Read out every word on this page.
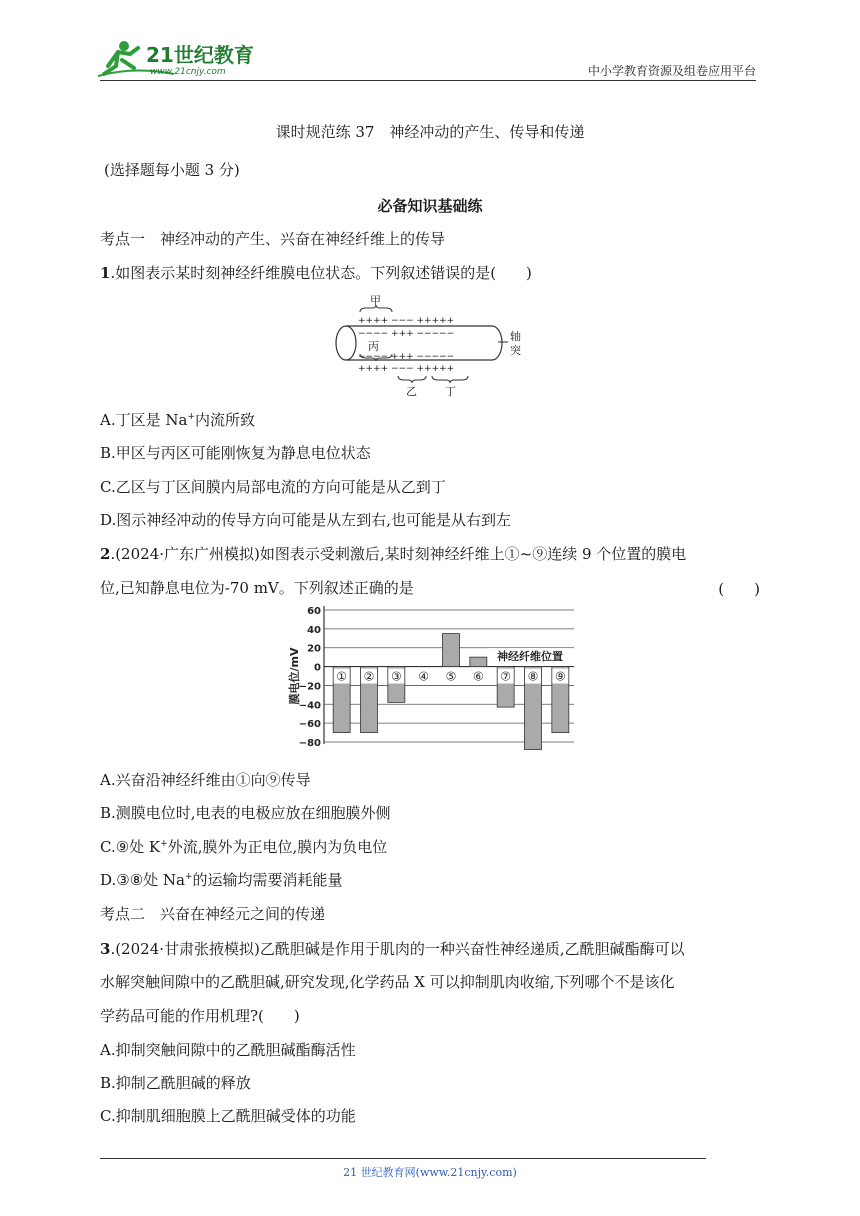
21世纪教育
www.21cnjy.com	中小学教育资源及组卷应用平台
课时规范练 37　神经冲动的产生、传导和传递
(选择题每小题 3 分)
必备知识基础练
考点一　神经冲动的产生、兴奋在神经纤维上的传导
1.如图表示某时刻神经纤维膜电位状态。下列叙述错误的是(　　)
甲
++++ −−− +++++
−−−− +++ −−−−−
丙
−−−− +++ −−−−−
++++ −−− +++++
乙	丁
轴
突
A.丁区是 Na+内流所致
B.甲区与丙区可能刚恢复为静息电位状态
C.乙区与丁区间膜内局部电流的方向可能是从乙到丁
D.图示神经冲动的传导方向可能是从左到右,也可能是从右到左
2.(2024·广东广州模拟)如图表示受刺激后,某时刻神经纤维上①~⑨连续 9 个位置的膜电
位,已知静息电位为-70 mV。下列叙述正确的是	(　　)
60
40
20
0
−20
−40
−60
−80
膜电位/mV	① ② ③ ④ ⑤ ⑥ ⑦ ⑧ ⑨
神经纤维位置
A.兴奋沿神经纤维由①向⑨传导
B.测膜电位时,电表的电极应放在细胞膜外侧
C.⑨处 K+外流,膜外为正电位,膜内为负电位
D.③⑧处 Na+的运输均需要消耗能量
考点二　兴奋在神经元之间的传递
3.(2024·甘肃张掖模拟)乙酰胆碱是作用于肌肉的一种兴奋性神经递质,乙酰胆碱酯酶可以
水解突触间隙中的乙酰胆碱,研究发现,化学药品 X 可以抑制肌肉收缩,下列哪个不是该化
学药品可能的作用机理?(　　)
A.抑制突触间隙中的乙酰胆碱酯酶活性
B.抑制乙酰胆碱的释放
C.抑制肌细胞膜上乙酰胆碱受体的功能
21 世纪教育网(www.21cnjy.com)
